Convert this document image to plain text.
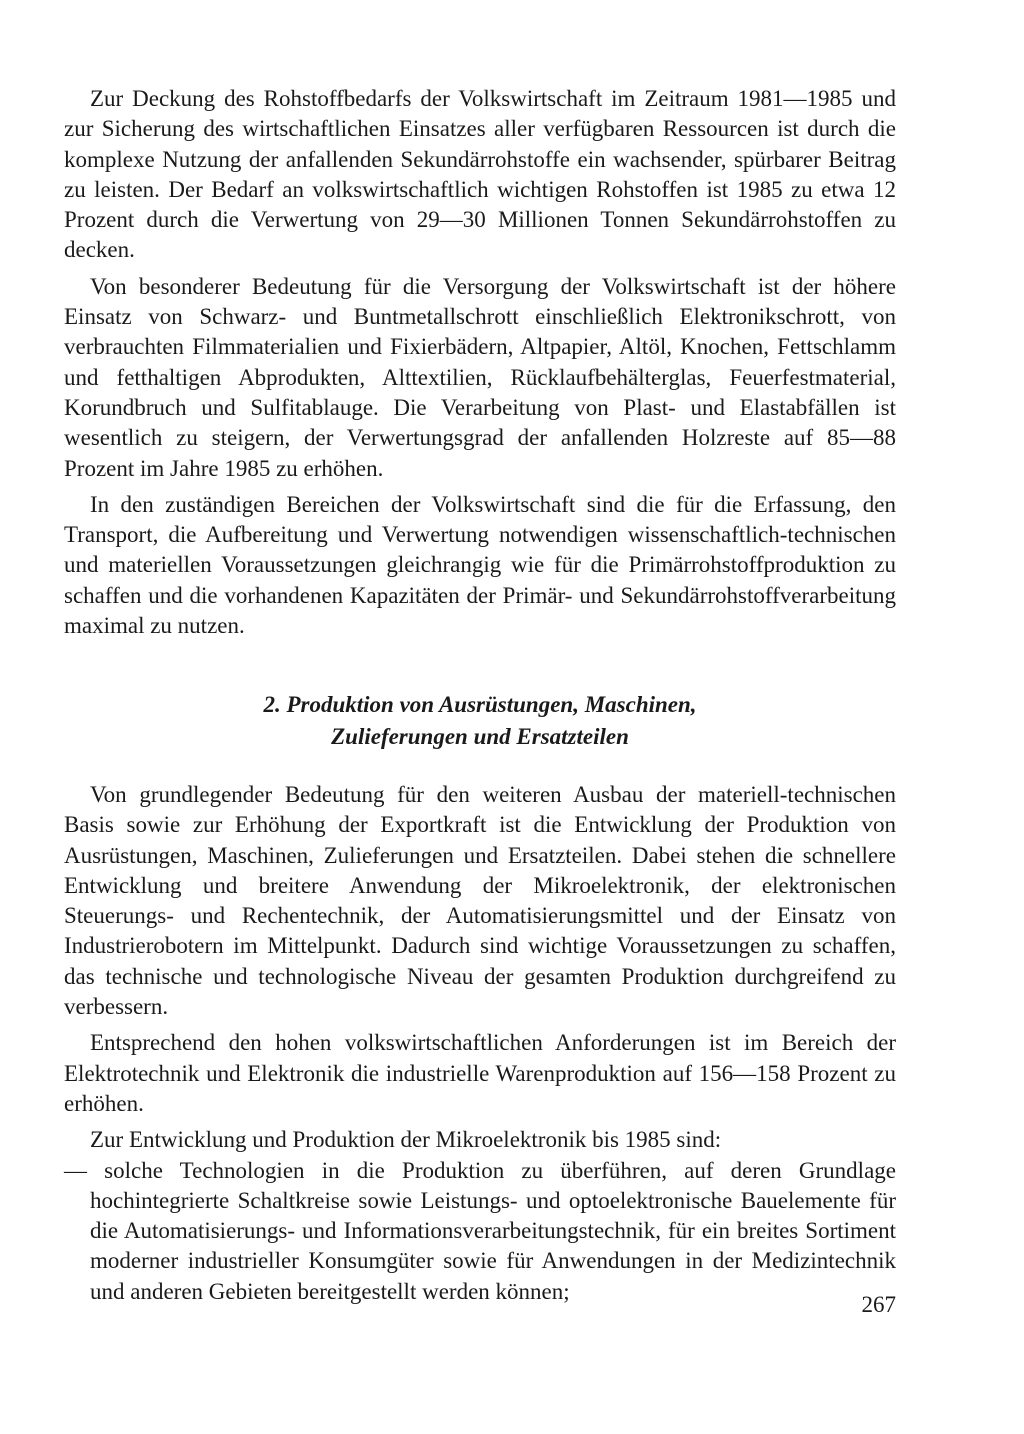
Zur Deckung des Rohstoffbedarfs der Volkswirtschaft im Zeitraum 1981—1985 und zur Sicherung des wirtschaftlichen Einsatzes aller verfügbaren Ressourcen ist durch die komplexe Nutzung der anfallenden Sekundärrohstoffe ein wachsender, spürbarer Beitrag zu leisten. Der Bedarf an volkswirtschaftlich wichtigen Rohstoffen ist 1985 zu etwa 12 Prozent durch die Verwertung von 29—30 Millionen Tonnen Sekundärrohstoffen zu decken.

Von besonderer Bedeutung für die Versorgung der Volkswirtschaft ist der höhere Einsatz von Schwarz- und Buntmetallschrott einschließlich Elektronikschrott, von verbrauchten Filmmaterialien und Fixierbädern, Altpapier, Altöl, Knochen, Fettschlamm und fetthaltigen Abprodukten, Alttextilien, Rücklaufbehälterglas, Feuerfestmaterial, Korundbruch und Sulfitablauge. Die Verarbeitung von Plast- und Elastabfällen ist wesentlich zu steigern, der Verwertungsgrad der anfallenden Holzreste auf 85—88 Prozent im Jahre 1985 zu erhöhen.

In den zuständigen Bereichen der Volkswirtschaft sind die für die Erfassung, den Transport, die Aufbereitung und Verwertung notwendigen wissenschaftlich-technischen und materiellen Voraussetzungen gleichrangig wie für die Primärrohstoffproduktion zu schaffen und die vorhandenen Kapazitäten der Primär- und Sekundärrohstoffverarbeitung maximal zu nutzen.

2. Produktion von Ausrüstungen, Maschinen,
Zulieferungen und Ersatzteilen

Von grundlegender Bedeutung für den weiteren Ausbau der materiell-technischen Basis sowie zur Erhöhung der Exportkraft ist die Entwicklung der Produktion von Ausrüstungen, Maschinen, Zulieferungen und Ersatzteilen. Dabei stehen die schnellere Entwicklung und breitere Anwendung der Mikroelektronik, der elektronischen Steuerungs- und Rechentechnik, der Automatisierungsmittel und der Einsatz von Industrierobotern im Mittelpunkt. Dadurch sind wichtige Voraussetzungen zu schaffen, das technische und technologische Niveau der gesamten Produktion durchgreifend zu verbessern.

Entsprechend den hohen volkswirtschaftlichen Anforderungen ist im Bereich der Elektrotechnik und Elektronik die industrielle Warenproduktion auf 156—158 Prozent zu erhöhen.

Zur Entwicklung und Produktion der Mikroelektronik bis 1985 sind:

— solche Technologien in die Produktion zu überführen, auf deren Grundlage hochintegrierte Schaltkreise sowie Leistungs- und optoelektronische Bauelemente für die Automatisierungs- und Informationsverarbeitungstechnik, für ein breites Sortiment moderner industrieller Konsumgüter sowie für Anwendungen in der Medizintechnik und anderen Gebieten bereitgestellt werden können;

267
